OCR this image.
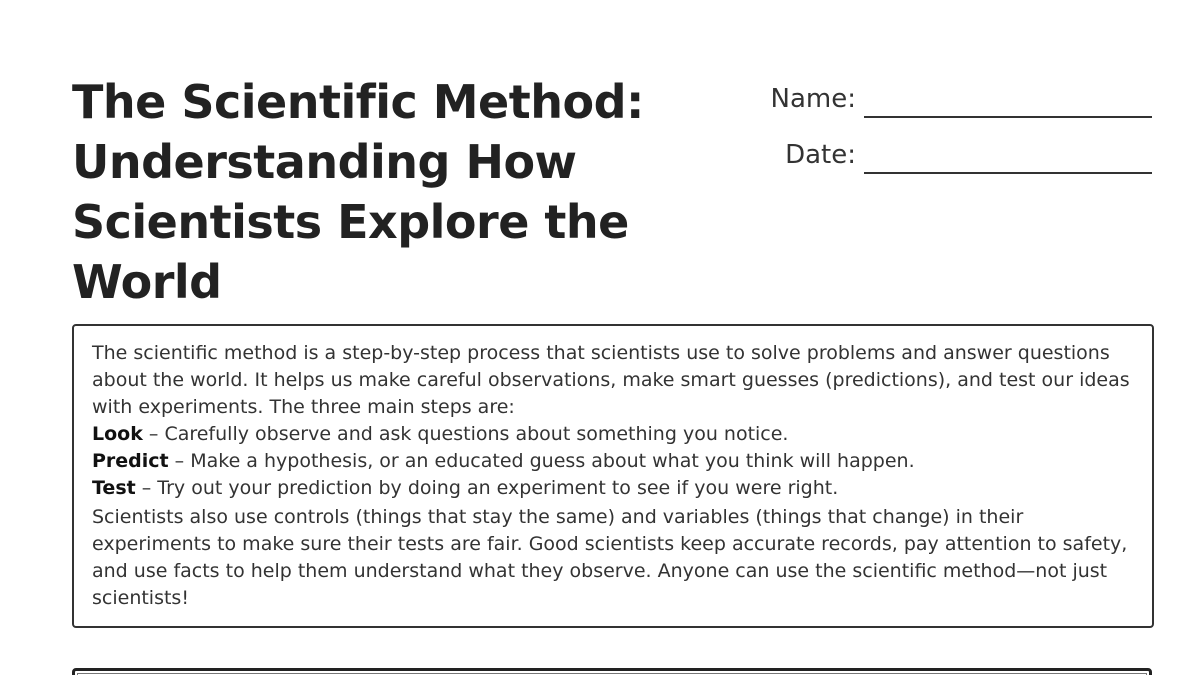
The Scientific Method:
Understanding How
Scientists Explore the World
Name:
Date:

The scientific method is a step-by-step process that scientists use to solve problems and answer questions about the world. It helps us make careful observations, make smart guesses (predictions), and test our ideas with experiments. The three main steps are:

Look – Carefully observe and ask questions about something you notice.

Predict – Make a hypothesis, or an educated guess about what you think will happen.

Test – Try out your prediction by doing an experiment to see if you were right.

Scientists also use controls (things that stay the same) and variables (things that change) in their experiments to make sure their tests are fair. Good scientists keep accurate records, pay attention to safety, and use facts to help them understand what they observe. Anyone can use the scientific method—not just scientists!
